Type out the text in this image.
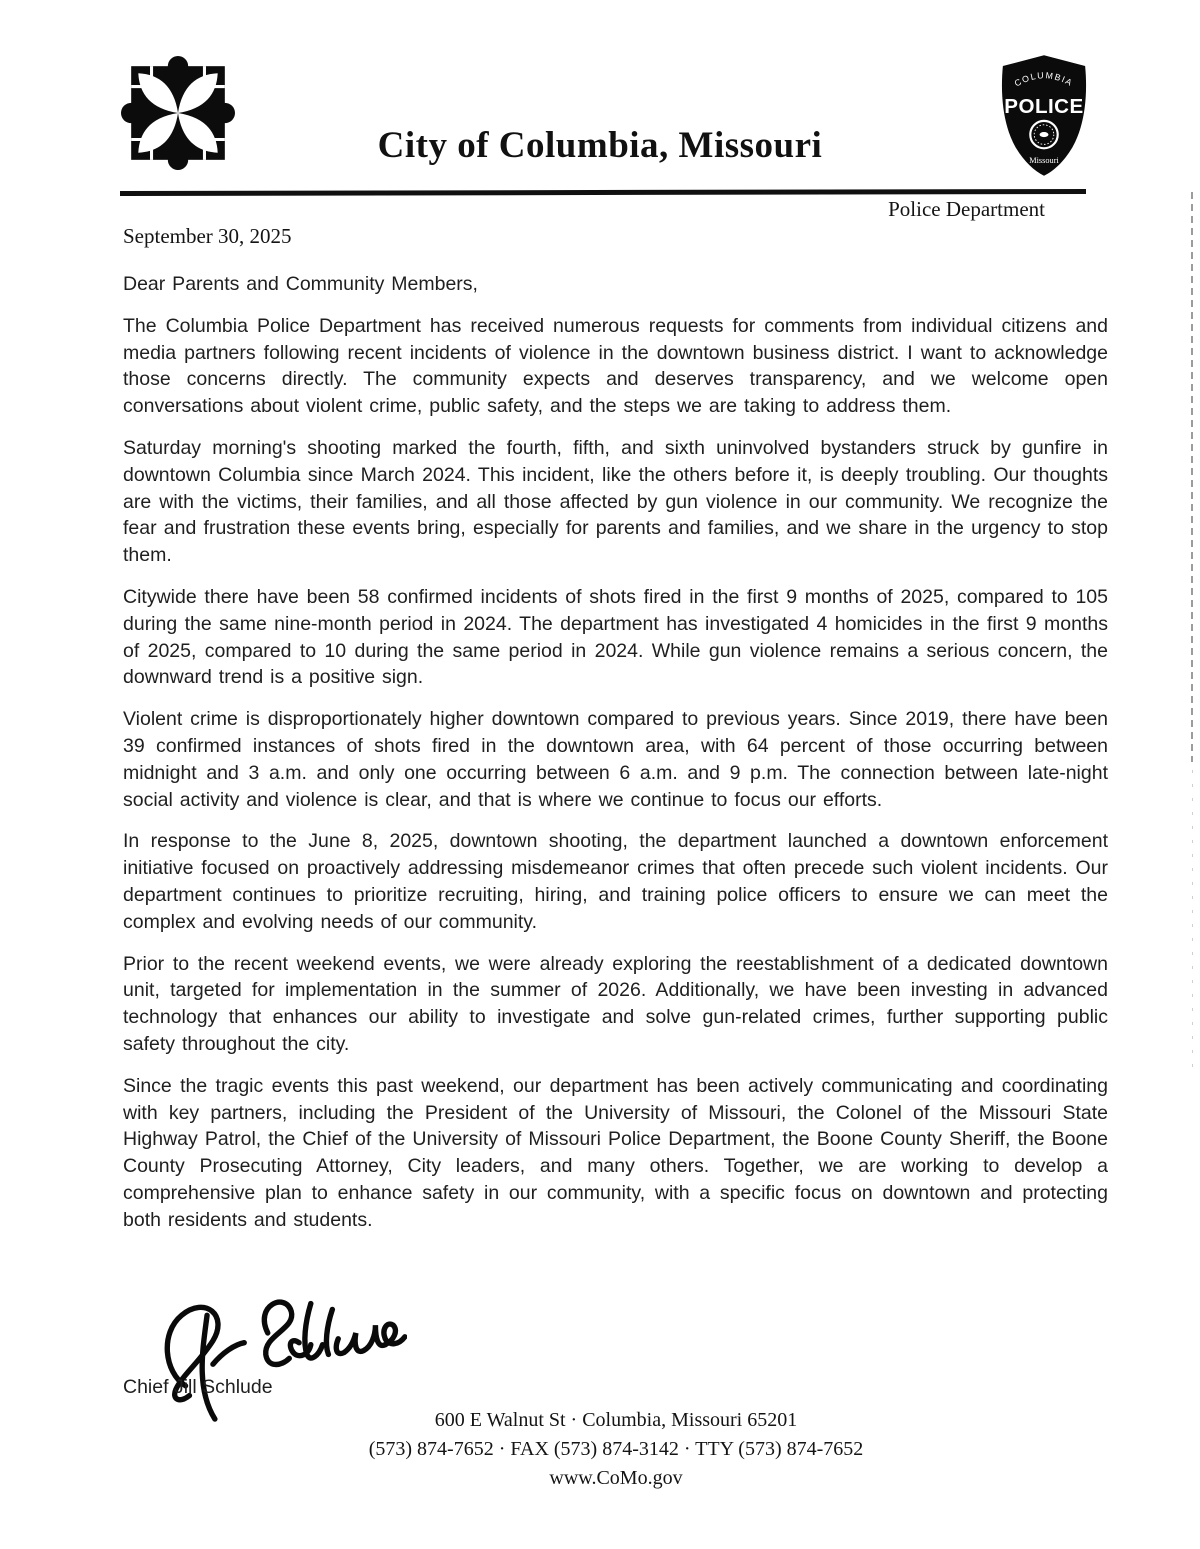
City of Columbia, Missouri
COLUMBIA
POLICE
Missouri
Police Department
September 30, 2025
Dear Parents and Community Members,

The Columbia Police Department has received numerous requests for comments from individual citizens and media partners following recent incidents of violence in the downtown business district. I want to acknowledge those concerns directly. The community expects and deserves transparency, and we welcome open conversations about violent crime, public safety, and the steps we are taking to address them.

Saturday morning's shooting marked the fourth, fifth, and sixth uninvolved bystanders struck by gunfire in downtown Columbia since March 2024. This incident, like the others before it, is deeply troubling. Our thoughts are with the victims, their families, and all those affected by gun violence in our community. We recognize the fear and frustration these events bring, especially for parents and families, and we share in the urgency to stop them.

Citywide there have been 58 confirmed incidents of shots fired in the first 9 months of 2025, compared to 105 during the same nine-month period in 2024. The department has investigated 4 homicides in the first 9 months of 2025, compared to 10 during the same period in 2024. While gun violence remains a serious concern, the downward trend is a positive sign.

Violent crime is disproportionately higher downtown compared to previous years. Since 2019, there have been 39 confirmed instances of shots fired in the downtown area, with 64 percent of those occurring between midnight and 3 a.m. and only one occurring between 6 a.m. and 9 p.m. The connection between late-night social activity and violence is clear, and that is where we continue to focus our efforts.

In response to the June 8, 2025, downtown shooting, the department launched a downtown enforcement initiative focused on proactively addressing misdemeanor crimes that often precede such violent incidents. Our department continues to prioritize recruiting, hiring, and training police officers to ensure we can meet the complex and evolving needs of our community.

Prior to the recent weekend events, we were already exploring the reestablishment of a dedicated downtown unit, targeted for implementation in the summer of 2026. Additionally, we have been investing in advanced technology that enhances our ability to investigate and solve gun-related crimes, further supporting public safety throughout the city.

Since the tragic events this past weekend, our department has been actively communicating and coordinating with key partners, including the President of the University of Missouri, the Colonel of the Missouri State Highway Patrol, the Chief of the University of Missouri Police Department, the Boone County Sheriff, the Boone County Prosecuting Attorney, City leaders, and many others. Together, we are working to develop a comprehensive plan to enhance safety in our community, with a specific focus on downtown and protecting both residents and students.

Chief Jill Schlude
600 E Walnut St · Columbia, Missouri 65201
(573) 874-7652 · FAX (573) 874-3142 · TTY (573) 874-7652
www.CoMo.gov
